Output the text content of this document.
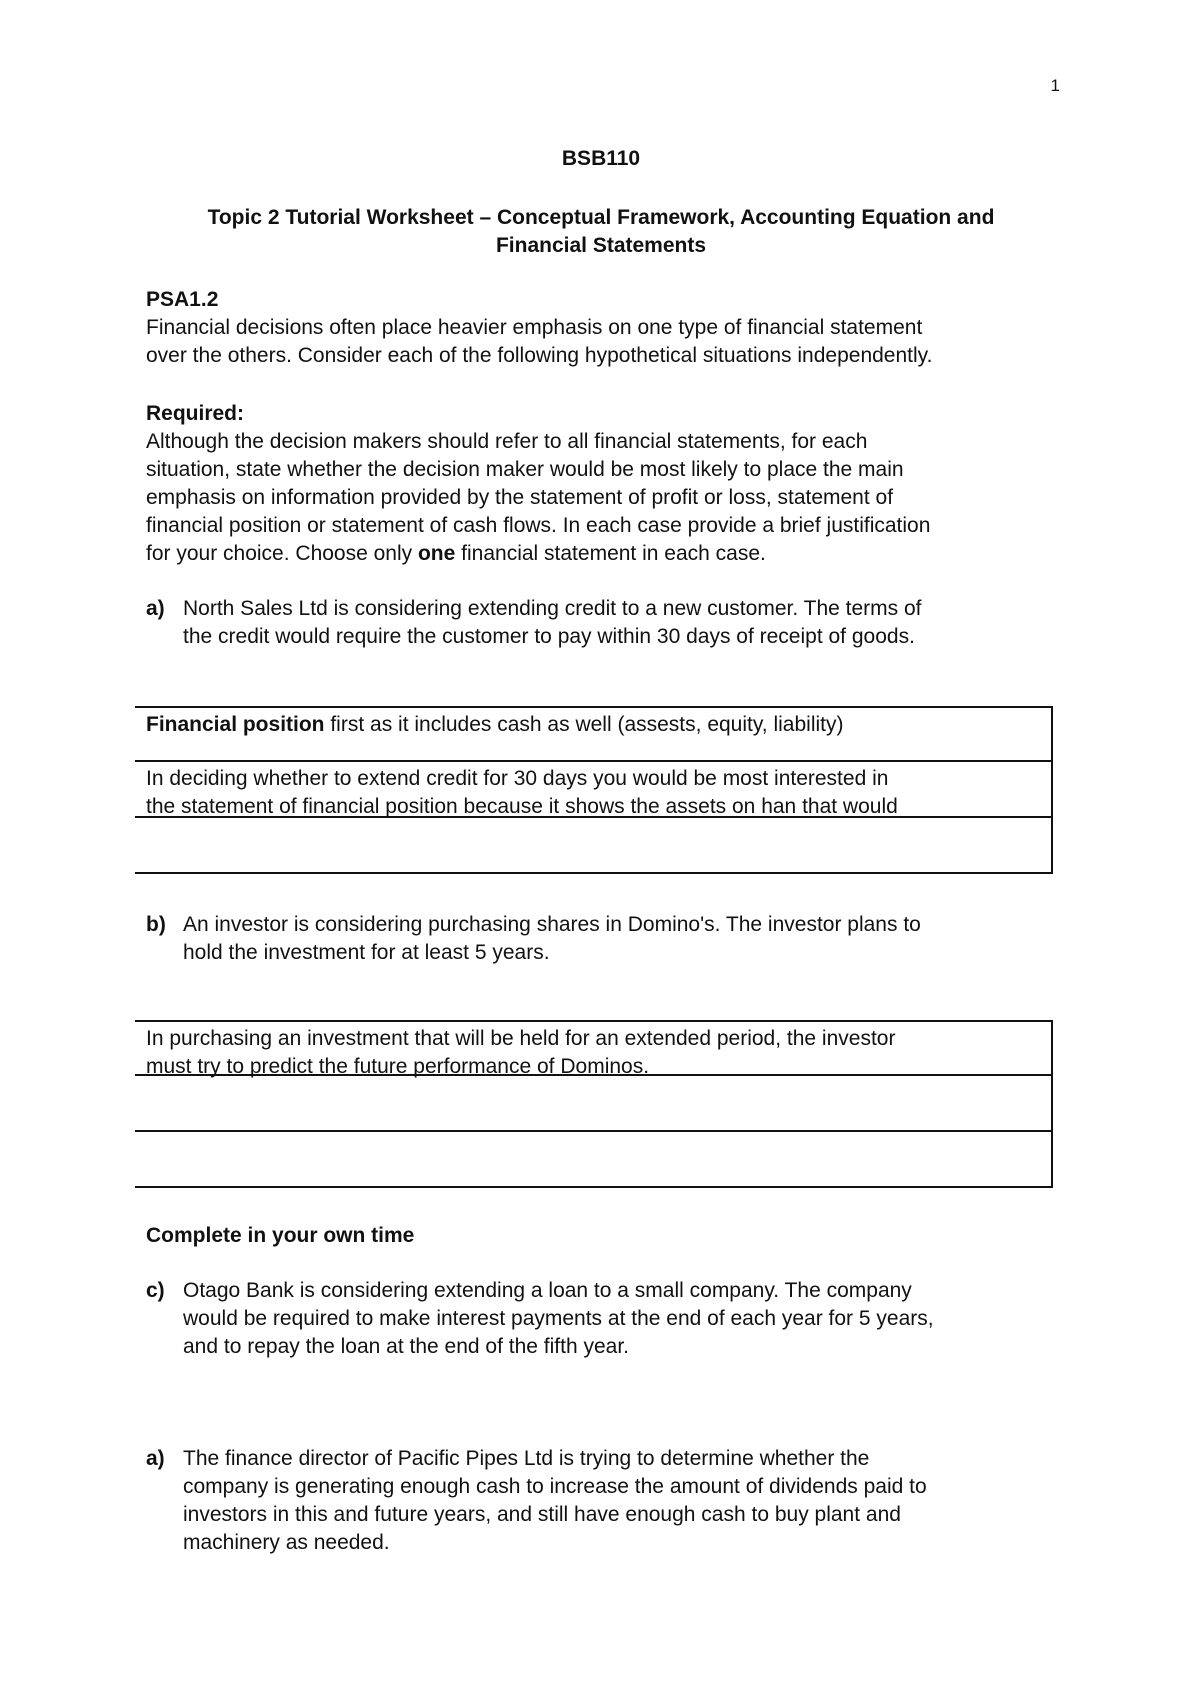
1
BSB110
Topic 2 Tutorial Worksheet – Conceptual Framework, Accounting Equation and
Financial Statements
PSA1.2
Financial decisions often place heavier emphasis on one type of financial statement
over the others. Consider each of the following hypothetical situations independently.
Required:
Although the decision makers should refer to all financial statements, for each
situation, state whether the decision maker would be most likely to place the main
emphasis on information provided by the statement of profit or loss, statement of
financial position or statement of cash flows. In each case provide a brief justification
for your choice. Choose only one financial statement in each case.
a) North Sales Ltd is considering extending credit to a new customer. The terms of
the credit would require the customer to pay within 30 days of receipt of goods.
Financial position first as it includes cash as well (assests, equity, liability)
In deciding whether to extend credit for 30 days you would be most interested in
the statement of financial position because it shows the assets on han that would
b) An investor is considering purchasing shares in Domino's. The investor plans to
hold the investment for at least 5 years.
In purchasing an investment that will be held for an extended period, the investor
must try to predict the future performance of Dominos.
Complete in your own time
c) Otago Bank is considering extending a loan to a small company. The company
would be required to make interest payments at the end of each year for 5 years,
and to repay the loan at the end of the fifth year.
a) The finance director of Pacific Pipes Ltd is trying to determine whether the
company is generating enough cash to increase the amount of dividends paid to
investors in this and future years, and still have enough cash to buy plant and
machinery as needed.
